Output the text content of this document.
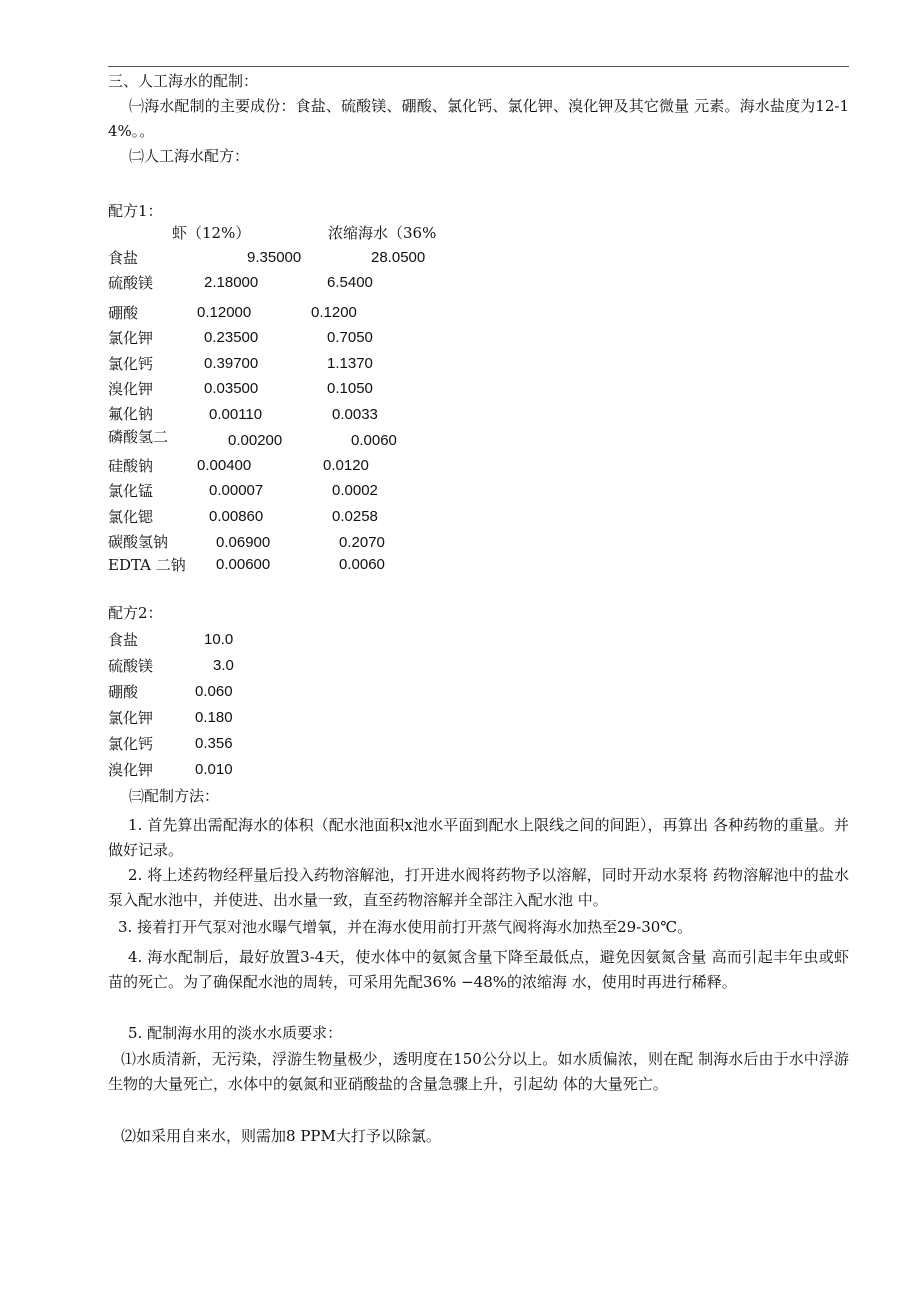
三、人工海水的配制：
㈠海水配制的主要成份：食盐、硫酸镁、硼酸、氯化钙、氯化钾、溴化钾及其它微量 元素。海水盐度为12-14%。。
㈡人工海水配方：
配方1：
虾（12%）	浓缩海水（36%
食盐	9.35000	28.0500
硫酸镁	2.18000	6.5400
硼酸	0.12000	0.1200
氯化钾	0.23500	0.7050
氯化钙	0.39700	1.1370
溴化钾	0.03500	0.1050
氟化钠	0.00110	0.0033
磷酸氢二	0.00200	0.0060
硅酸钠	0.00400	0.0120
氯化锰	0.00007	0.0002
氯化锶	0.00860	0.0258
碳酸氢钠	0.06900	0.2070
EDTA 二钠 0.00600	0.0060
配方2：
食盐	10.0
硫酸镁	3.0
硼酸	0.060
氯化钾	0.180
氯化钙	0.356
溴化钾	0.010
㈢配制方法：
1. 首先算出需配海水的体积（配水池面积x池水平面到配水上限线之间的间距），再算出 各种药物的重量。并做好记录。
2. 将上述药物经秤量后投入药物溶解池，打开进水阀将药物予以溶解，同时开动水泵将 药物溶解池中的盐水泵入配水池中，并使进、出水量一致，直至药物溶解并全部注入配水池 中。
3. 接着打开气泵对池水曝气增氧，并在海水使用前打开蒸气阀将海水加热至29-30℃。
4. 海水配制后，最好放置3-4天，使水体中的氨氮含量下降至最低点，避免因氨氮含量 高而引起丰年虫或虾苗的死亡。为了确保配水池的周转，可采用先配36% −48%的浓缩海 水，使用时再进行稀释。
5. 配制海水用的淡水水质要求：
⑴水质清新，无污染，浮游生物量极少，透明度在150公分以上。如水质偏浓，则在配 制海水后由于水中浮游生物的大量死亡，水体中的氨氮和亚硝酸盐的含量急骤上升，引起幼 体的大量死亡。
⑵如采用自来水，则需加8 PPM大打予以除氯。
